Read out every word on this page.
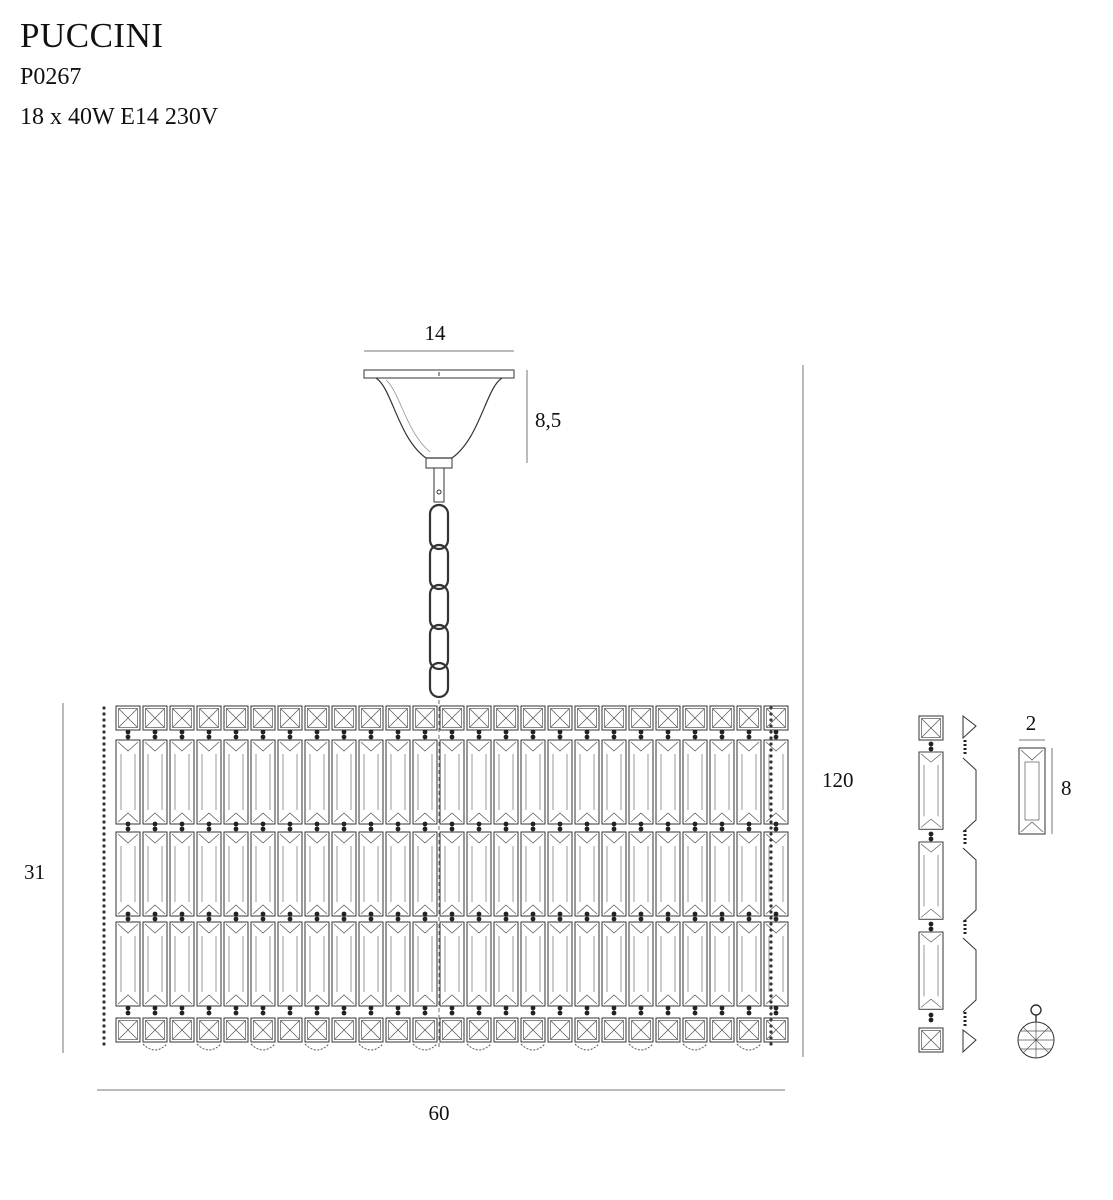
PUCCINI
P0267
18 x 40W E14 230V
14
8,5
120
31
60
2
8
